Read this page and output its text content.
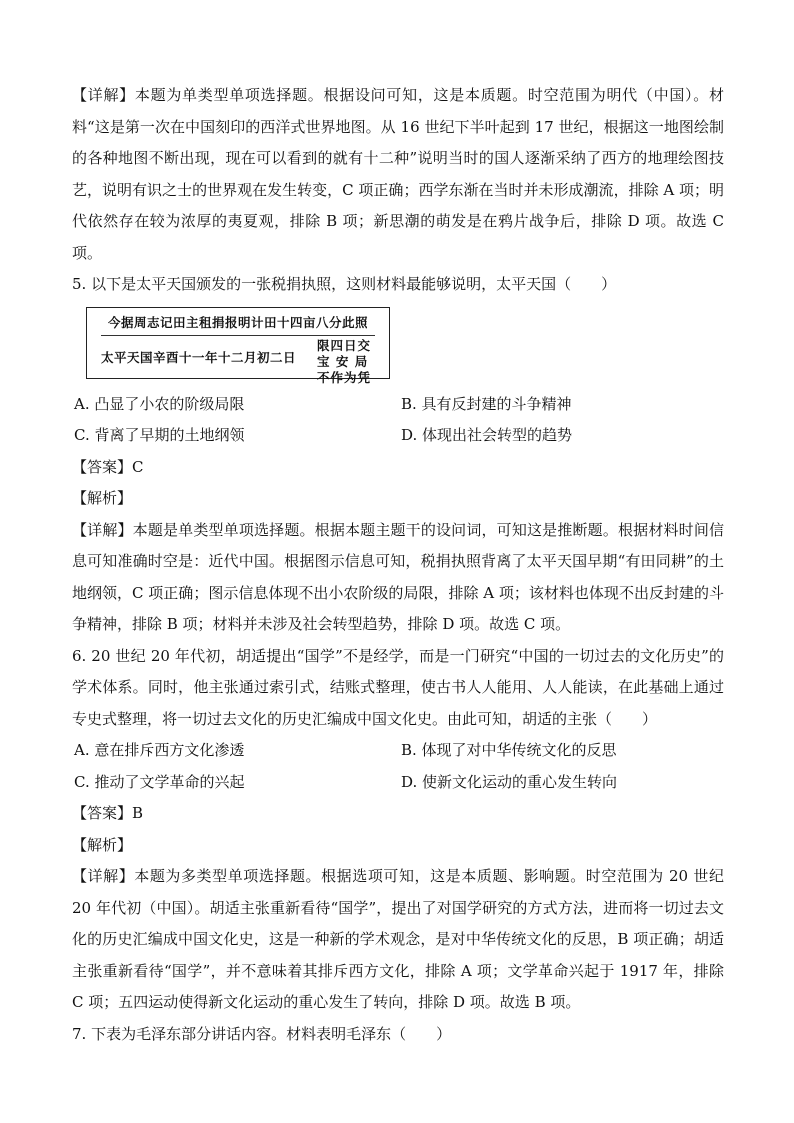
【详解】本题为单类型单项选择题。根据设问可知，这是本质题。时空范围为明代（中国）。材料“这是第一次在中国刻印的西洋式世界地图。从 16 世纪下半叶起到 17 世纪，根据这一地图绘制的各种地图不断出现，现在可以看到的就有十二种”说明当时的国人逐渐采纳了西方的地理绘图技艺，说明有识之士的世界观在发生转变，C 项正确；西学东渐在当时并未形成潮流，排除 A 项；明代依然存在较为浓厚的夷夏观，排除 B 项；新思潮的萌发是在鸦片战争后，排除 D 项。故选 C 项。

5. 以下是太平天国颁发的一张税捐执照，这则材料最能够说明，太平天国（　　）

今据周志记田主租捐报明计田十四亩八分此照
太平天国辛酉十一年十二月初二日
限四日交
宝 安 局
不作为凭
A. 凸显了小农的阶级局限	B. 具有反封建的斗争精神
C. 背离了早期的土地纲领	D. 体现出社会转型的趋势

【答案】C

【解析】

【详解】本题是单类型单项选择题。根据本题主题干的设问词，可知这是推断题。根据材料时间信息可知准确时空是：近代中国。根据图示信息可知，税捐执照背离了太平天国早期“有田同耕”的土地纲领，C 项正确；图示信息体现不出小农阶级的局限，排除 A 项；该材料也体现不出反封建的斗争精神，排除 B 项；材料并未涉及社会转型趋势，排除 D 项。故选 C 项。

6. 20 世纪 20 年代初，胡适提出“国学”不是经学，而是一门研究“中国的一切过去的文化历史”的学术体系。同时，他主张通过索引式，结账式整理，使古书人人能用、人人能读，在此基础上通过专史式整理，将一切过去文化的历史汇编成中国文化史。由此可知，胡适的主张（　　）

A. 意在排斥西方文化渗透	B. 体现了对中华传统文化的反思
C. 推动了文学革命的兴起	D. 使新文化运动的重心发生转向

【答案】B

【解析】

【详解】本题为多类型单项选择题。根据选项可知，这是本质题、影响题。时空范围为 20 世纪 20 年代初（中国）。胡适主张重新看待“国学”，提出了对国学研究的方式方法，进而将一切过去文化的历史汇编成中国文化史，这是一种新的学术观念，是对中华传统文化的反思，B 项正确；胡适主张重新看待“国学”，并不意味着其排斥西方文化，排除 A 项；文学革命兴起于 1917 年，排除 C 项；五四运动使得新文化运动的重心发生了转向，排除 D 项。故选 B 项。

7. 下表为毛泽东部分讲话内容。材料表明毛泽东（　　）
